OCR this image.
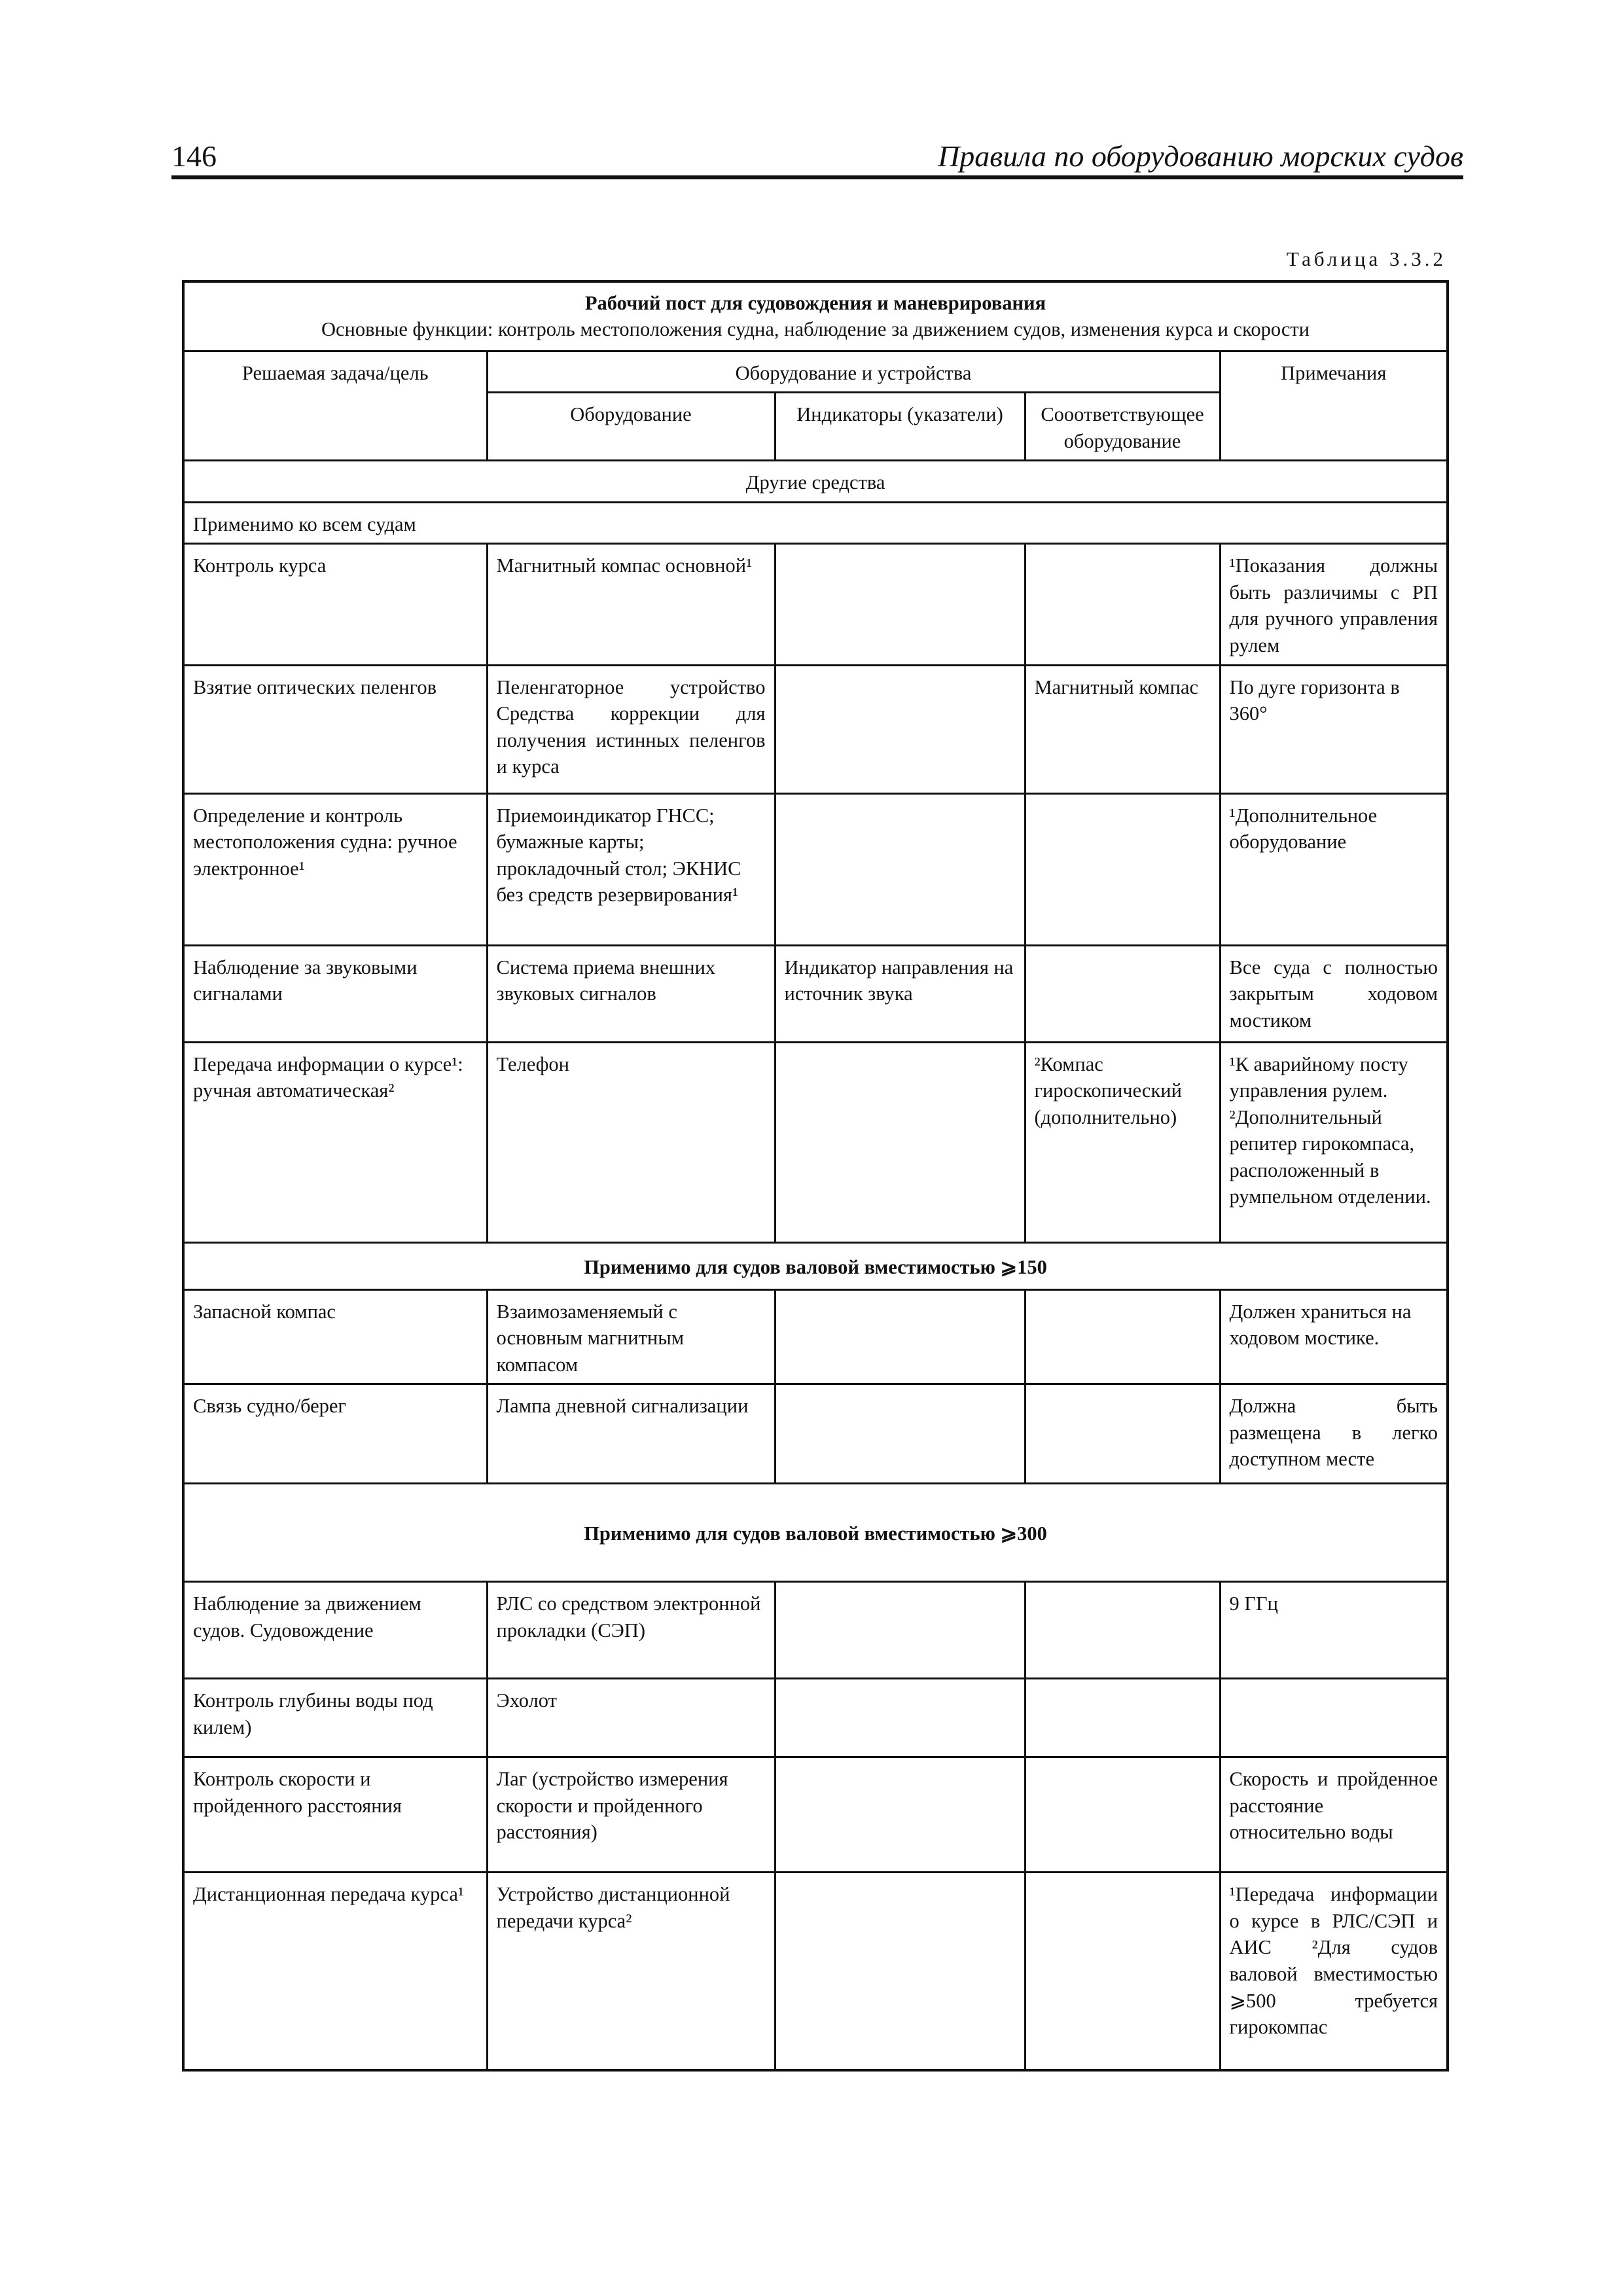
146	Правила по оборудованию морских судов
Таблица 3.3.2
Рабочий пост для судовождения и маневрирования
Основные функции: контроль местоположения судна, наблюдение за движением судов, изменения курса и скорости				

Решаемая задача/цель	Оборудование и устройства			Примечания
	Оборудование	Индикаторы (указатели)	Сооответствующее оборудование	
Другие средства				
Применимо ко всем судам				
Контроль курса	Магнитный компас основной¹			¹Показания должны быть различимы с РП для ручного управления рулем
Взятие оптических пеленгов	Пеленгаторное устройство Средства коррекции для получения истинных пеленгов и курса		Магнитный компас	По дуге горизонта в 360°
Определение и контроль местоположения судна: ручное электронное¹	Приемоиндикатор ГНСС; бумажные карты; прокладочный стол; ЭКНИС без средств резервирования¹			¹Дополнительное оборудование
Наблюдение за звуковыми сигналами	Система приема внешних звуковых сигналов	Индикатор направления на источник звука		Все суда с полностью закрытым ходовом мостиком
Передача информации о курсе¹: ручная автоматическая²	Телефон		²Компас гироскопический (дополнительно)	¹К аварийному посту управления рулем. ²Дополнительный репитер гирокомпаса, расположенный в румпельном отделении.
Применимо для судов валовой вместимостью ⩾150				
Запасной компас	Взаимозаменяемый с основным магнитным компасом			Должен храниться на ходовом мостике.
Связь судно/берег	Лампа дневной сигнализации			Должна быть размещена в легко доступном месте
Применимо для судов валовой вместимостью ⩾300				
Наблюдение за движением судов. Судовождение	РЛС со средством электронной прокладки (СЭП)			9 ГГц
Контроль глубины воды под килем)	Эхолот			
Контроль скорости и пройденного расстояния	Лаг (устройство измерения скорости и пройденного расстояния)			Скорость и пройденное расстояние относительно воды
Дистанционная передача курса¹	Устройство дистанционной передачи курса²			¹Передача информации о курсе в РЛС/СЭП и АИС ²Для судов валовой вместимостью ⩾500 требуется гирокомпас
